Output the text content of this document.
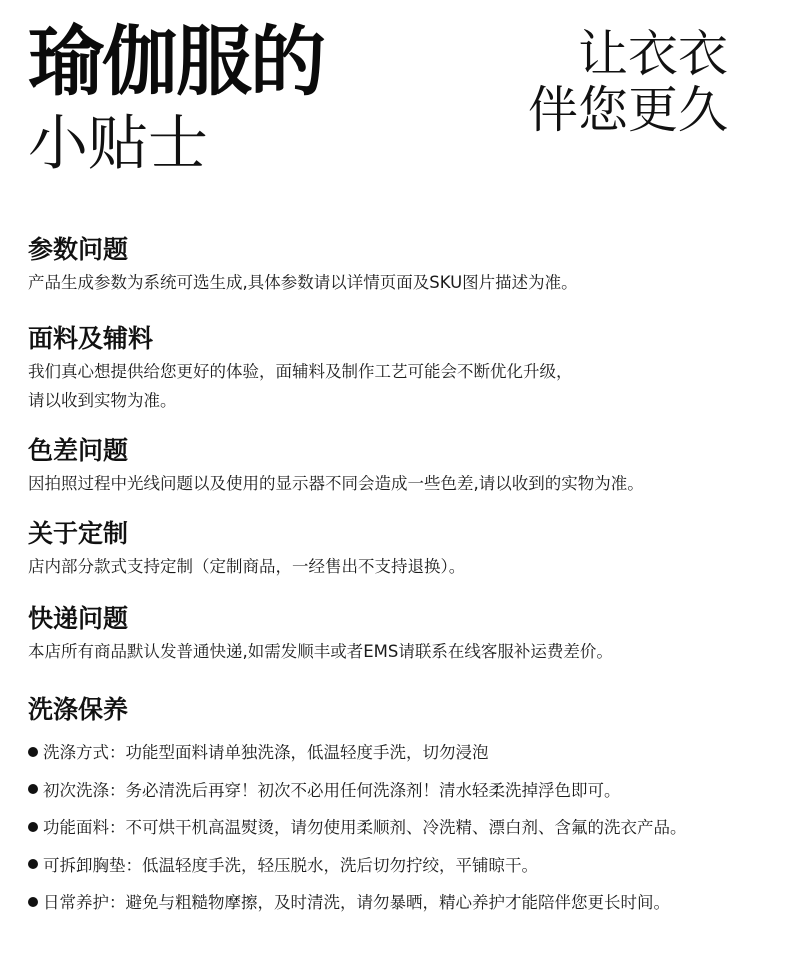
瑜伽服的
小贴士
让衣衣
伴您更久
参数问题

产品生成参数为系统可选生成,具体参数请以详情页面及SKU图片描述为准。

面料及辅料

我们真心想提供给您更好的体验，面辅料及制作工艺可能会不断优化升级，

请以收到实物为准。

色差问题

因拍照过程中光线问题以及使用的显示器不同会造成一些色差,请以收到的实物为准。

关于定制

店内部分款式支持定制（定制商品，一经售出不支持退换）。

快递问题

本店所有商品默认发普通快递,如需发顺丰或者EMS请联系在线客服补运费差价。

洗涤保养
洗涤方式：功能型面料请单独洗涤，低温轻度手洗，切勿浸泡
初次洗涤：务必清洗后再穿！初次不必用任何洗涤剂！清水轻柔洗掉浮色即可。
功能面料：不可烘干机高温熨烫，请勿使用柔顺剂、冷洗精、漂白剂、含氟的洗衣产品。
可拆卸胸垫：低温轻度手洗，轻压脱水，洗后切勿拧绞，平铺晾干。
日常养护：避免与粗糙物摩擦，及时清洗，请勿暴晒，精心养护才能陪伴您更长时间。
